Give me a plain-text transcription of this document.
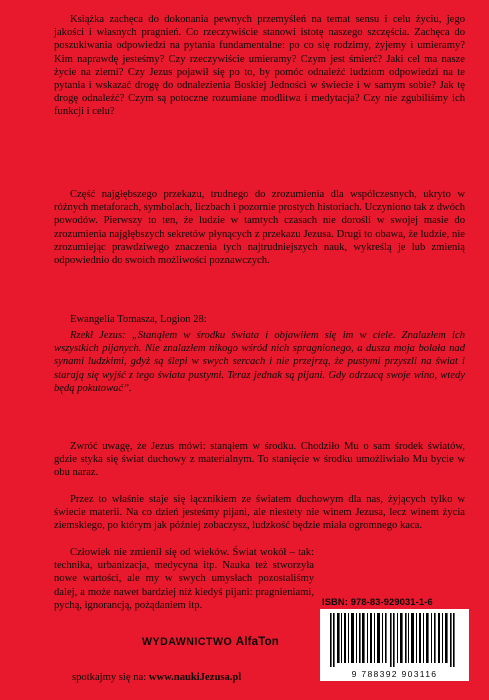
Książka zachęca do dokonania pewnych przemyśleń na temat sensu i celu życiu, jego jakości i własnych pragnień. Co rzeczywiście stanowi istotę naszego szczęścia. Zachęca do poszukiwania odpowiedzi na pytania fundamentalne: po co się rodzimy, żyjemy i umieramy? Kim naprawdę jesteśmy? Czy rzeczywiście umieramy? Czym jest śmierć? Jaki cel ma nasze życie na ziemi? Czy Jezus pojawił się po to, by pomóc odnaleźć ludziom odpowiedzi na te pytania i wskazać drogę do odnalezienia Boskiej Jedności w świecie i w samym sobie? Jak tę drogę odnaleźć? Czym są potoczne rozumiane modlitwa i medytacja? Czy nie zgubiliśmy ich funkcji i celu?

Część najgłębszego przekazu, trudnego do zrozumienia dla współczesnych, ukryto w różnych metaforach, symbolach, liczbach i pozornie prostych historiach. Uczyniono tak z dwóch powodów. Pierwszy to ten, że ludzie w tamtych czasach nie dorośli w swojej masie do zrozumienia najgłębszych sekretów płynących z przekazu Jezusa. Drugi to obawa, że ludzie, nie zrozumiejąc prawdziwego znaczenia tych najtrudniejszych nauk, wykreślą je lub zmienią odpowiednio do swoich możliwości poznawczych.

Ewangelia Tomasza, Logion 28:

Rzekł Jezus: „Stanąłem w środku świata i objawiłem się im w ciele. Znalazłem ich wszystkich pijanych. Nie znalazłem nikogo wśród nich spragnionego, a dusza moja bolała nad synami ludzkimi, gdyż są ślepi w swych sercach i nie przejrzą, że pustymi przyszli na świat i starają się wyjść z tego świata pustymi. Teraz jednak są pijani. Gdy odrzucą swoje wino, wtedy będą pokutować”.

Zwróć uwagę, że Jezus mówi: stanąłem w środku. Chodziło Mu o sam środek światów, gdzie styka się świat duchowy z materialnym. To stanięcie w środku umożliwiało Mu bycie w obu naraz.

Przez to właśnie staje się łącznikiem ze światem duchowym dla nas, żyjących tylko w świecie materii. Na co dzień jesteśmy pijani, ale niestety nie winem Jezusa, lecz winem życia ziemskiego, po którym jak później zobaczysz, ludzkość będzie miała ogromnego kaca.

Człowiek nie zmienił się od wieków. Świat wokół – tak: technika, urbanizacja, medycyna itp. Nauka też stworzyła nowe wartości, ale my w swych umysłach pozostaliśmy dalej, a może nawet bardziej niż kiedyś pijani: pragnieniami, pychą, ignorancją, pożądaniem itp.	ISBN: 978-83-929031-1-6
9 788392 903116
WYDAWNICTWO AlfaTon
spotkajmy się na: www.naukiJezusa.pl
